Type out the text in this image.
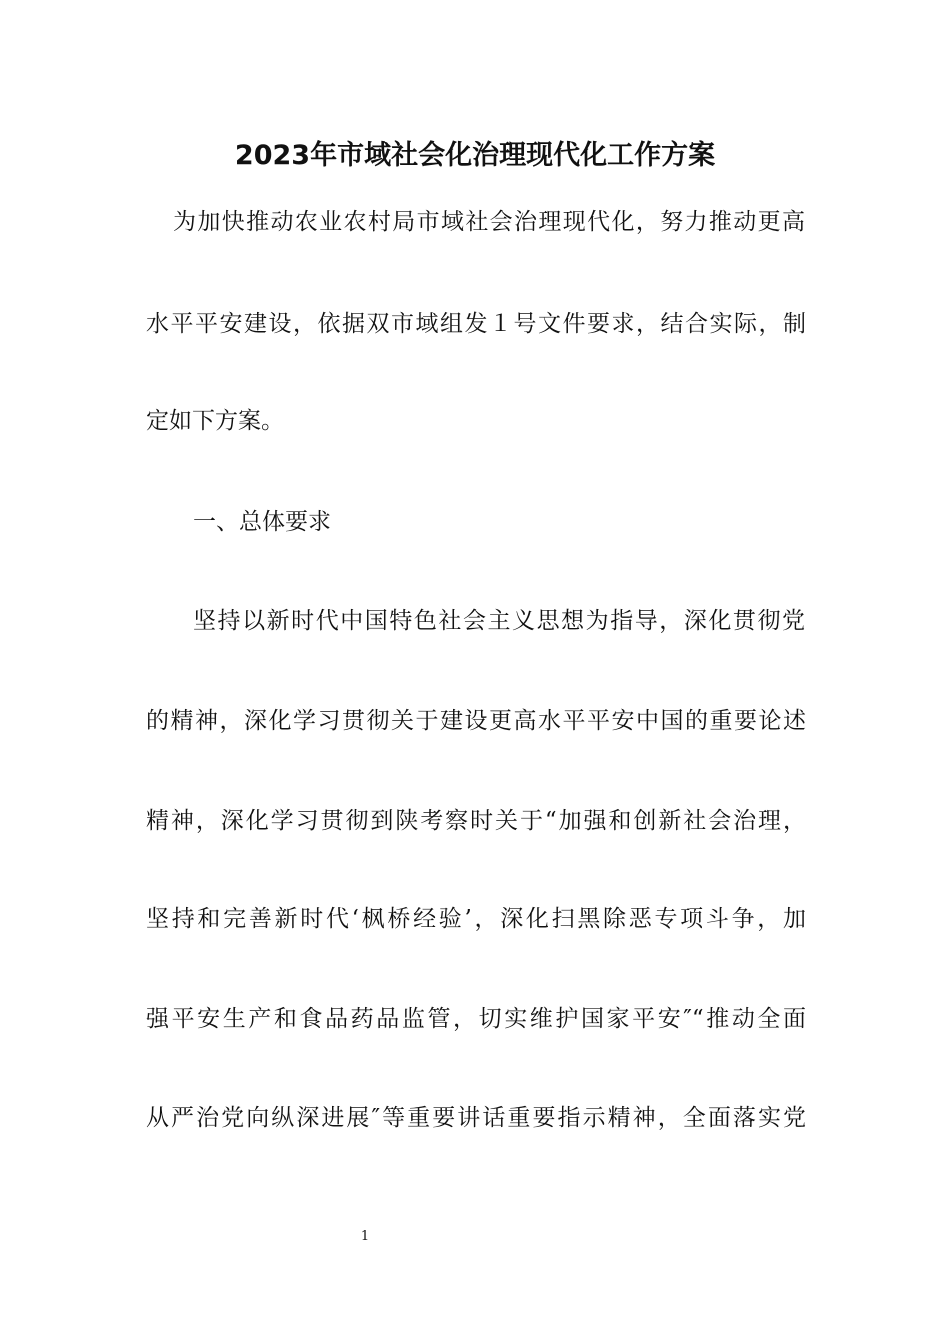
2023年市域社会化治理现代化工作方案

为加快推动农业农村局市域社会治理现代化，努力推动更高

水平平安建设，依据双市域组发１号文件要求，结合实际，制

定如下方案。

一、总体要求

坚持以新时代中国特色社会主义思想为指导，深化贯彻党

的精神，深化学习贯彻关于建设更高水平平安中国的重要论述

精神，深化学习贯彻到陕考察时关于“加强和创新社会治理，

坚持和完善新时代‘枫桥经验’，深化扫黑除恶专项斗争，加

强平安生产和食品药品监管，切实维护国家平安″“推动全面

从严治党向纵深进展″等重要讲话重要指示精神，全面落实党

1
